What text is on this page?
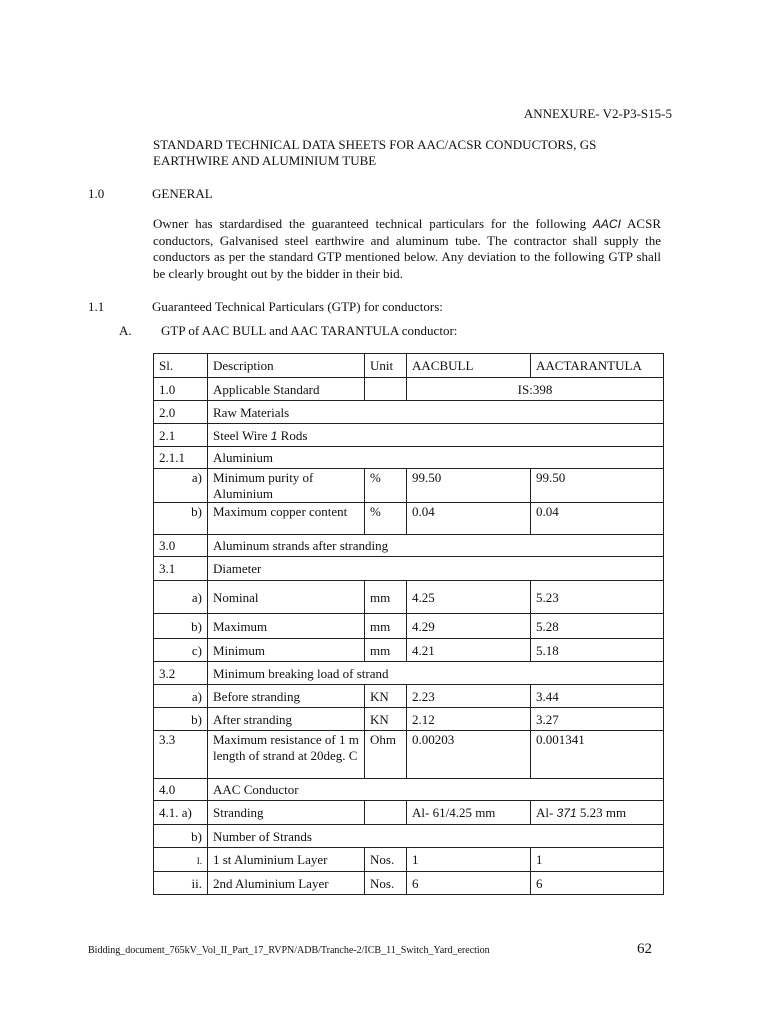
ANNEXURE- V2-P3-S15-5
STANDARD TECHNICAL DATA SHEETS FOR AAC/ACSR CONDUCTORS, GS EARTHWIRE AND ALUMINIUM TUBE
1.0	GENERAL
Owner has stardardised the guaranteed technical particulars for the following AACI ACSR conductors, Galvanised steel earthwire and aluminum tube. The contractor shall supply the conductors as per the standard GTP mentioned below. Any deviation to the following GTP shall be clearly brought out by the bidder in their bid.
1.1	Guaranteed Technical Particulars (GTP) for conductors:
A. GTP of AAC BULL and AAC TARANTULA conductor:
Sl.	Description	Unit	AACBULL	AACTARANTULA
1.0	Applicable Standard		IS:398	
2.0	Raw Materials			
2.1	Steel Wire 1 Rods			
2.1.1	Aluminium			
a)	Minimum purity of Aluminium	%	99.50	99.50
b)	Maximum copper content	%	0.04	0.04
3.0	Aluminum strands after stranding			
3.1	Diameter			
a)	Nominal	mm	4.25	5.23
b)	Maximum	mm	4.29	5.28
c)	Minimum	mm	4.21	5.18
3.2	Minimum breaking load of strand			
a)	Before stranding	KN	2.23	3.44
b)	After stranding	KN	2.12	3.27
3.3	Maximum resistance of 1 m length of strand at 20deg. C	Ohm	0.00203	0.001341
4.0	AAC Conductor			
4.1. a)	Stranding		Al- 61/4.25 mm	Al- 371 5.23 mm
b)	Number of Strands			
I.	1 st Aluminium Layer	Nos.	1	1
ii.	2nd Aluminium Layer	Nos.	6	6
Bidding_document_765kV_Vol_II_Part_17_RVPN/ADB/Tranche-2/ICB_11_Switch_Yard_erection	62
